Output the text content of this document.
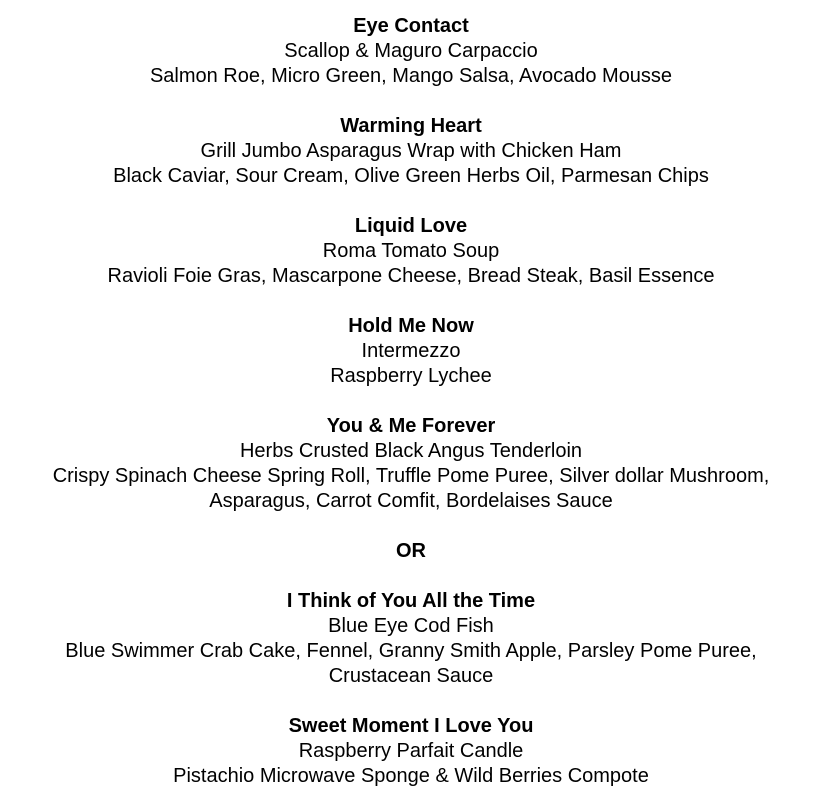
Eye Contact
Scallop & Maguro Carpaccio
Salmon Roe, Micro Green, Mango Salsa, Avocado Mousse
Warming Heart
Grill Jumbo Asparagus Wrap with Chicken Ham
Black Caviar, Sour Cream, Olive Green Herbs Oil, Parmesan Chips
Liquid Love
Roma Tomato Soup
Ravioli Foie Gras, Mascarpone Cheese, Bread Steak, Basil Essence
Hold Me Now
Intermezzo
Raspberry Lychee
You & Me Forever
Herbs Crusted Black Angus Tenderloin
Crispy Spinach Cheese Spring Roll, Truffle Pome Puree, Silver dollar Mushroom,
Asparagus, Carrot Comfit, Bordelaises Sauce
OR
I Think of You All the Time
Blue Eye Cod Fish
Blue Swimmer Crab Cake, Fennel, Granny Smith Apple, Parsley Pome Puree,
Crustacean Sauce
Sweet Moment I Love You
Raspberry Parfait Candle
Pistachio Microwave Sponge & Wild Berries Compote
